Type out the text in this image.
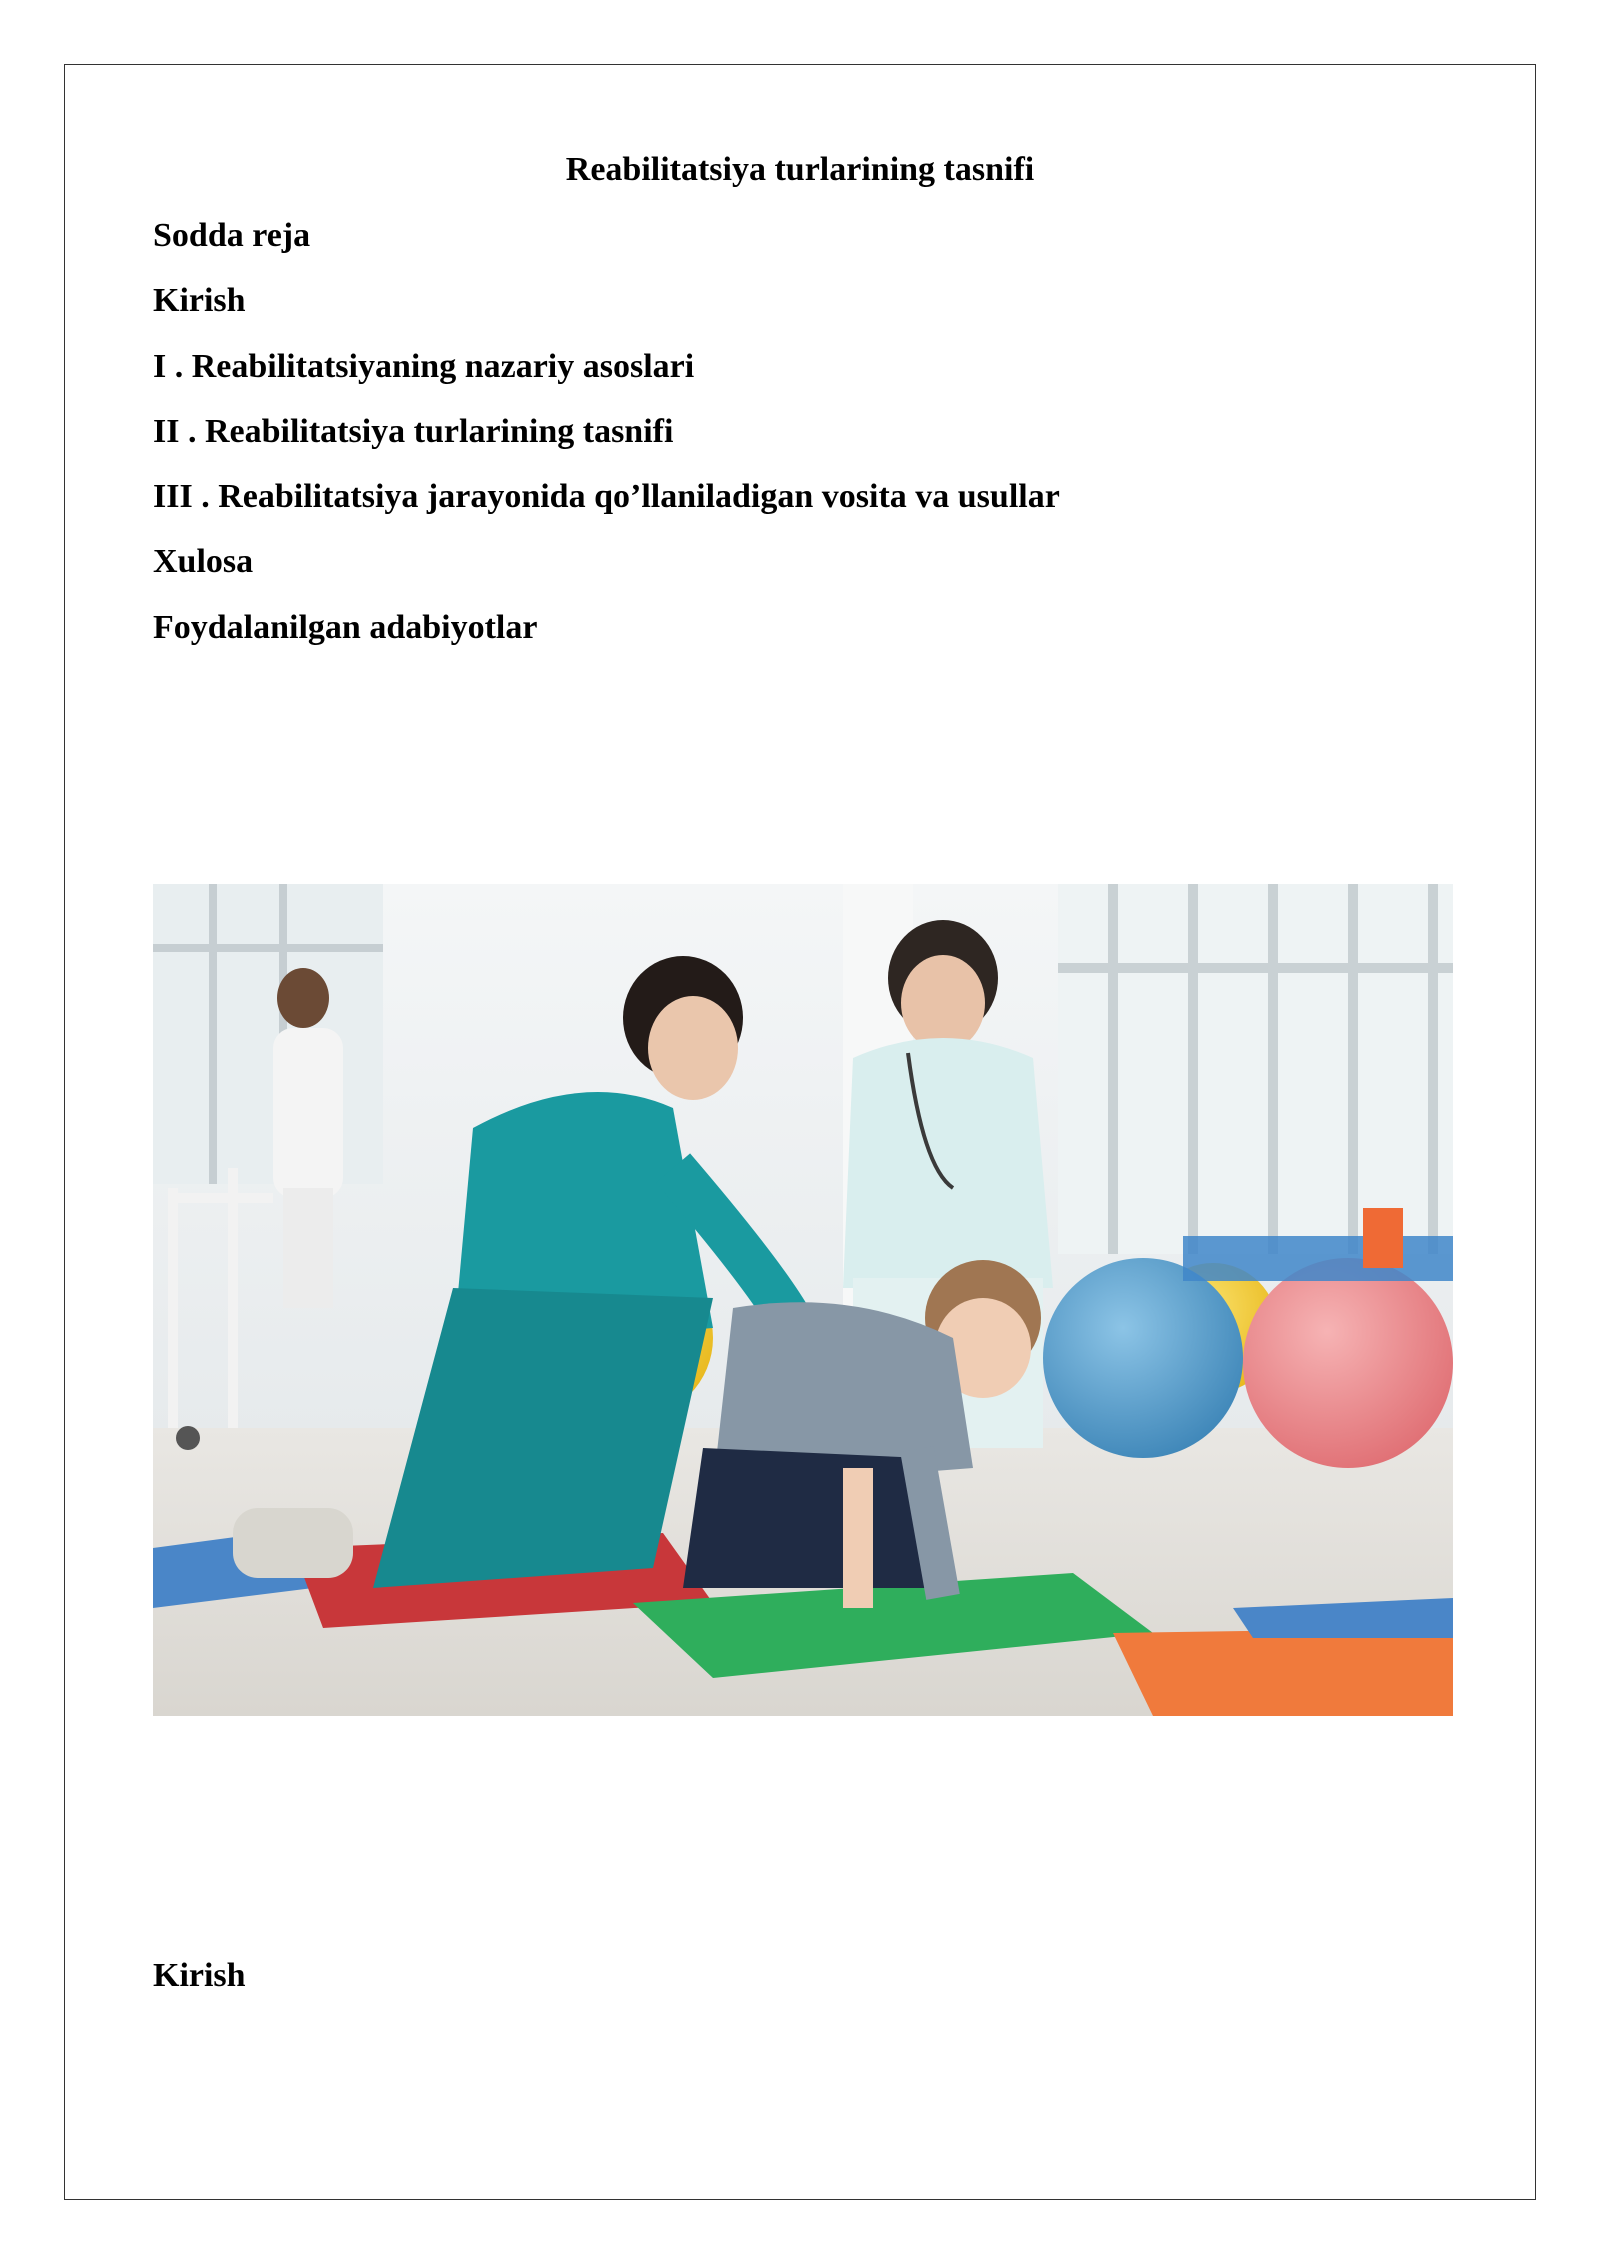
Reabilitatsiya turlarining tasnifi
Sodda reja
Kirish
I . Reabilitatsiyaning nazariy asoslari
II . Reabilitatsiya turlarining tasnifi
III . Reabilitatsiya jarayonida qo’llaniladigan vosita va usullar
Xulosa
Foydalanilgan adabiyotlar
Kirish
